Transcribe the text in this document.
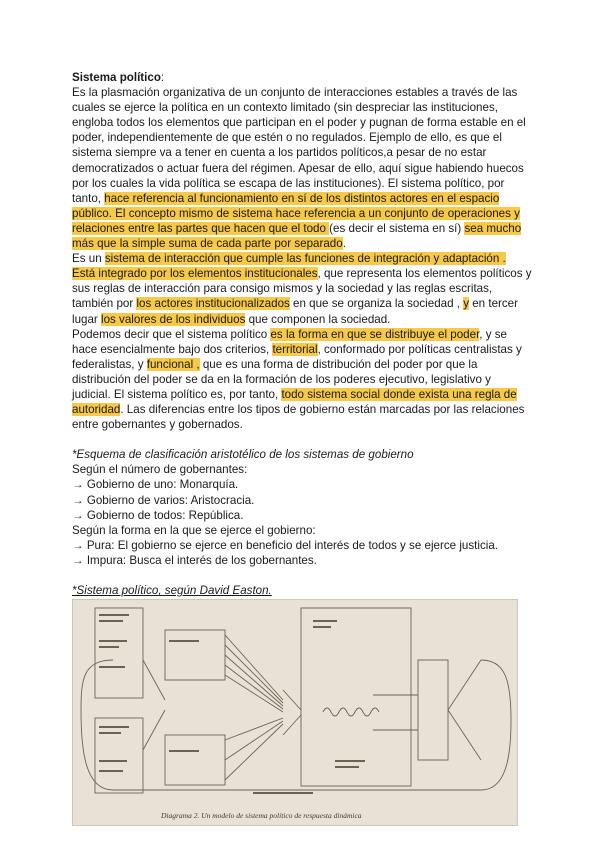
Sistema político:

Es la plasmación organizativa de un conjunto de interacciones estables a través de las cuales se ejerce la política en un contexto limitado (sin despreciar las instituciones, engloba todos los elementos que participan en el poder y pugnan de forma estable en el poder, independientemente de que estén o no regulados. Ejemplo de ello, es que el sistema siempre va a tener en cuenta a los partidos políticos,a pesar de no estar democratizados o actuar fuera del régimen. Apesar de ello, aquí sigue habiendo huecos por los cuales la vida política se escapa de las instituciones). El sistema político, por tanto, hace referencia al funcionamiento en sí de los distintos actores en el espacio público. El concepto mismo de sistema hace referencia a un conjunto de operaciones y relaciones entre las partes que hacen que el todo (es decir el sistema en sí) sea mucho más que la simple suma de cada parte por separado.

Es un sistema de interacción que cumple las funciones de integración y adaptación . Está integrado por los elementos institucionales, que representa los elementos políticos y sus reglas de interacción para consigo mismos y la sociedad y las reglas escritas, también por los actores institucionalizados en que se organiza la sociedad , y en tercer lugar los valores de los individuos que componen la sociedad.

Podemos decir que el sistema político es la forma en que se distribuye el poder, y se hace esencialmente bajo dos criterios, territorial, conformado por políticas centralistas y federalistas, y funcional , que es una forma de distribución del poder por que la distribución del poder se da en la formación de los poderes ejecutivo, legislativo y judicial. El sistema político es, por tanto, todo sistema social donde exista una regla de autoridad. Las diferencias entre los tipos de gobierno están marcadas por las relaciones entre gobernantes y gobernados.

*Esquema de clasificación aristotélico de los sistemas de gobierno

Según el número de gobernantes:

→ Gobierno de uno: Monarquía.

→ Gobierno de varios: Aristocracia.

→ Gobierno de todos: República.

Según la forma en la que se ejerce el gobierno:

→ Pura: El gobierno se ejerce en beneficio del interés de todos y se ejerce justicia.

→ Impura: Busca el interés de los gobernantes.

*Sistema político, según David Easton.

Diagrama 2. Un modelo de sistema político de respuesta dinámica
